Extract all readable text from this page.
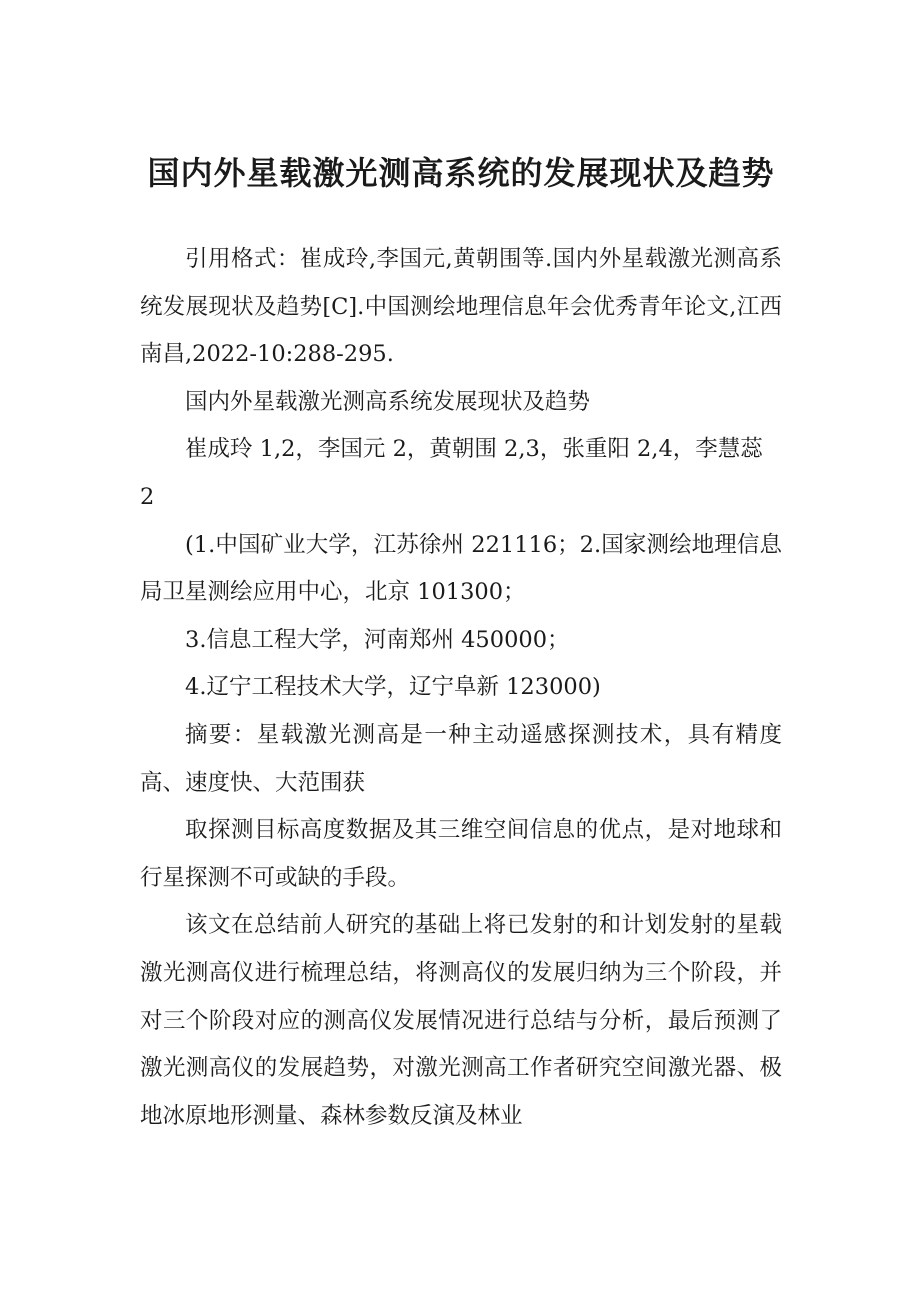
国内外星载激光测高系统的发展现状及趋势

引用格式：崔成玲,李国元,黄朝围等.国内外星载激光测高系统发展现状及趋势[C].中国测绘地理信息年会优秀青年论文,江西南昌,2022-10:288-295.

国内外星载激光测高系统发展现状及趋势

崔成玲 1,2，李国元 2，黄朝围 2,3，张重阳 2,4，李慧蕊 2

(1.中国矿业大学，江苏徐州 221116；2.国家测绘地理信息局卫星测绘应用中心，北京 101300；

3.信息工程大学，河南郑州 450000；

4.辽宁工程技术大学，辽宁阜新 123000)

摘要：星载激光测高是一种主动遥感探测技术，具有精度高、速度快、大范围获

取探测目标高度数据及其三维空间信息的优点，是对地球和行星探测不可或缺的手段。

该文在总结前人研究的基础上将已发射的和计划发射的星载激光测高仪进行梳理总结，将测高仪的发展归纳为三个阶段，并对三个阶段对应的测高仪发展情况进行总结与分析，最后预测了激光测高仪的发展趋势，对激光测高工作者研究空间激光器、极地冰原地形测量、森林参数反演及林业
